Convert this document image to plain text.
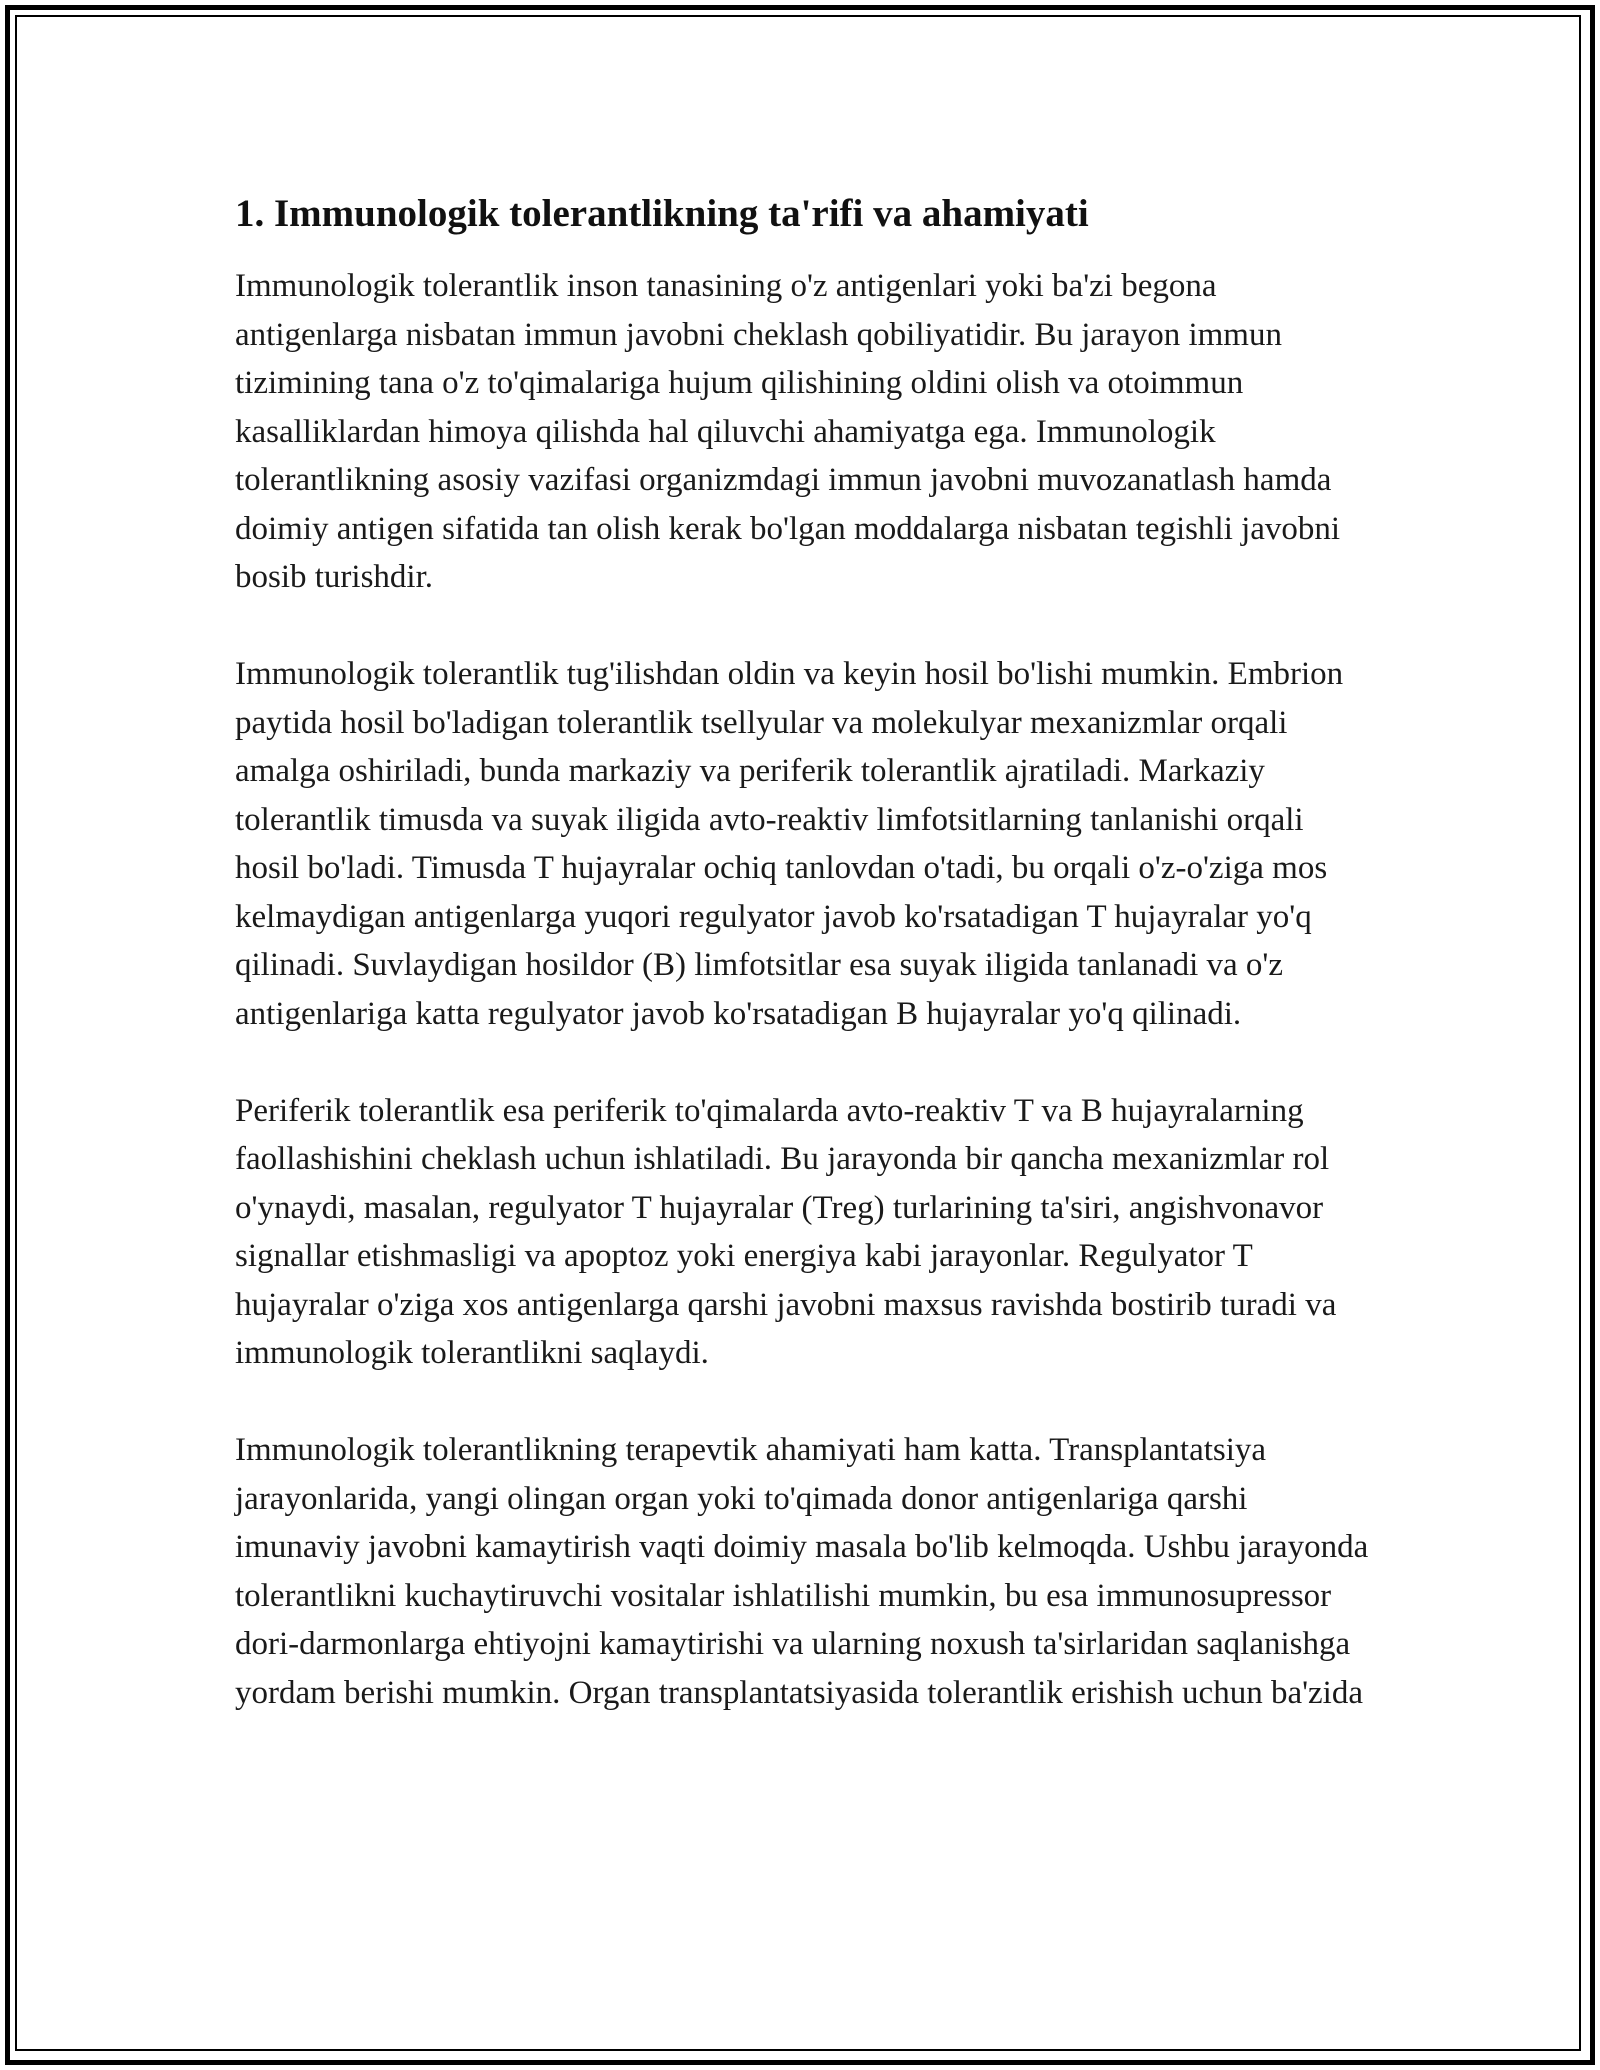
1. Immunologik tolerantlikning ta'rifi va ahamiyati

Immunologik tolerantlik inson tanasining o'z antigenlari yoki ba'zi begona antigenlarga nisbatan immun javobni cheklash qobiliyatidir. Bu jarayon immun tizimining tana o'z to'qimalariga hujum qilishining oldini olish va otoimmun kasalliklardan himoya qilishda hal qiluvchi ahamiyatga ega. Immunologik tolerantlikning asosiy vazifasi organizmdagi immun javobni muvozanatlash hamda doimiy antigen sifatida tan olish kerak bo'lgan moddalarga nisbatan tegishli javobni bosib turishdir.

Immunologik tolerantlik tug'ilishdan oldin va keyin hosil bo'lishi mumkin. Embrion paytida hosil bo'ladigan tolerantlik tsellyular va molekulyar mexanizmlar orqali amalga oshiriladi, bunda markaziy va periferik tolerantlik ajratiladi. Markaziy tolerantlik timusda va suyak iligida avto-reaktiv limfotsitlarning tanlanishi orqali hosil bo'ladi. Timusda T hujayralar ochiq tanlovdan o'tadi, bu orqali o'z-o'ziga mos kelmaydigan antigenlarga yuqori regulyator javob ko'rsatadigan T hujayralar yo'q qilinadi. Suvlaydigan hosildor (B) limfotsitlar esa suyak iligida tanlanadi va o'z antigenlariga katta regulyator javob ko'rsatadigan B hujayralar yo'q qilinadi.

Periferik tolerantlik esa periferik to'qimalarda avto-reaktiv T va B hujayralarning faollashishini cheklash uchun ishlatiladi. Bu jarayonda bir qancha mexanizmlar rol o'ynaydi, masalan, regulyator T hujayralar (Treg) turlarining ta'siri, angishvonavor signallar etishmasligi va apoptoz yoki energiya kabi jarayonlar. Regulyator T hujayralar o'ziga xos antigenlarga qarshi javobni maxsus ravishda bostirib turadi va immunologik tolerantlikni saqlaydi.

Immunologik tolerantlikning terapevtik ahamiyati ham katta. Transplantatsiya jarayonlarida, yangi olingan organ yoki to'qimada donor antigenlariga qarshi imunaviy javobni kamaytirish vaqti doimiy masala bo'lib kelmoqda. Ushbu jarayonda tolerantlikni kuchaytiruvchi vositalar ishlatilishi mumkin, bu esa immunosupressor dori-darmonlarga ehtiyojni kamaytirishi va ularning noxush ta'sirlaridan saqlanishga yordam berishi mumkin. Organ transplantatsiyasida tolerantlik erishish uchun ba'zida
